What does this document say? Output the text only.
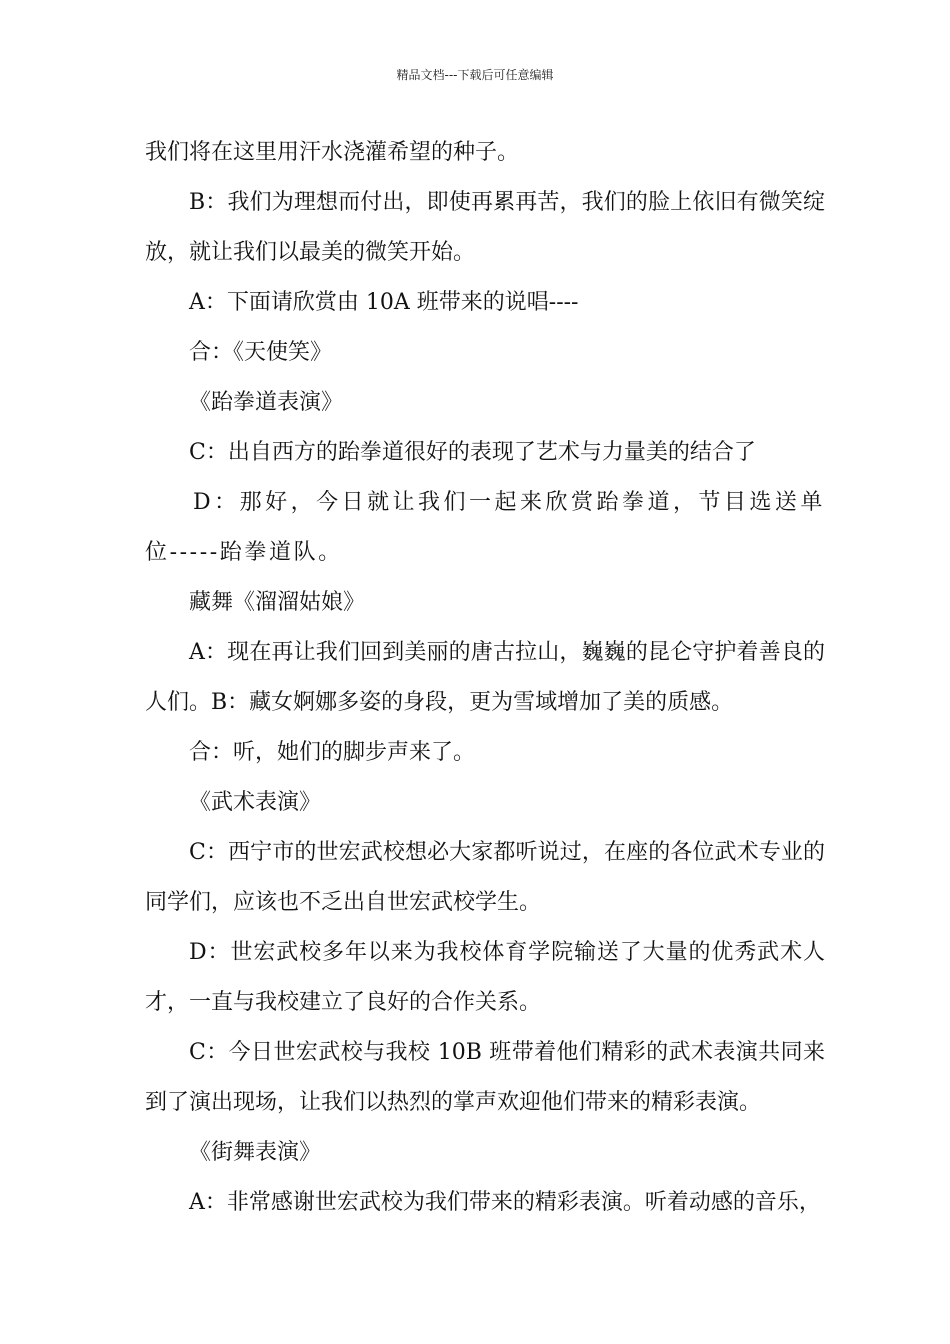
精品文档---下载后可任意编辑

我们将在这里用汗水浇灌希望的种子。

B：我们为理想而付出，即使再累再苦，我们的脸上依旧有微笑绽放，就让我们以最美的微笑开始。

A：下面请欣赏由 10A 班带来的说唱----

合：《天使笑》

《跆拳道表演》

C：出自西方的跆拳道很好的表现了艺术与力量美的结合了

D：那好，今日就让我们一起来欣赏跆拳道，节目选送单位-----跆拳道队。

藏舞《溜溜姑娘》

A：现在再让我们回到美丽的唐古拉山，巍巍的昆仑守护着善良的人们。B：藏女婀娜多姿的身段，更为雪域增加了美的质感。

合：听，她们的脚步声来了。

《武术表演》

C：西宁市的世宏武校想必大家都听说过，在座的各位武术专业的同学们，应该也不乏出自世宏武校学生。

D：世宏武校多年以来为我校体育学院输送了大量的优秀武术人才，一直与我校建立了良好的合作关系。

C：今日世宏武校与我校 10B 班带着他们精彩的武术表演共同来到了演出现场，让我们以热烈的掌声欢迎他们带来的精彩表演。

《街舞表演》

A：非常感谢世宏武校为我们带来的精彩表演。听着动感的音乐，
